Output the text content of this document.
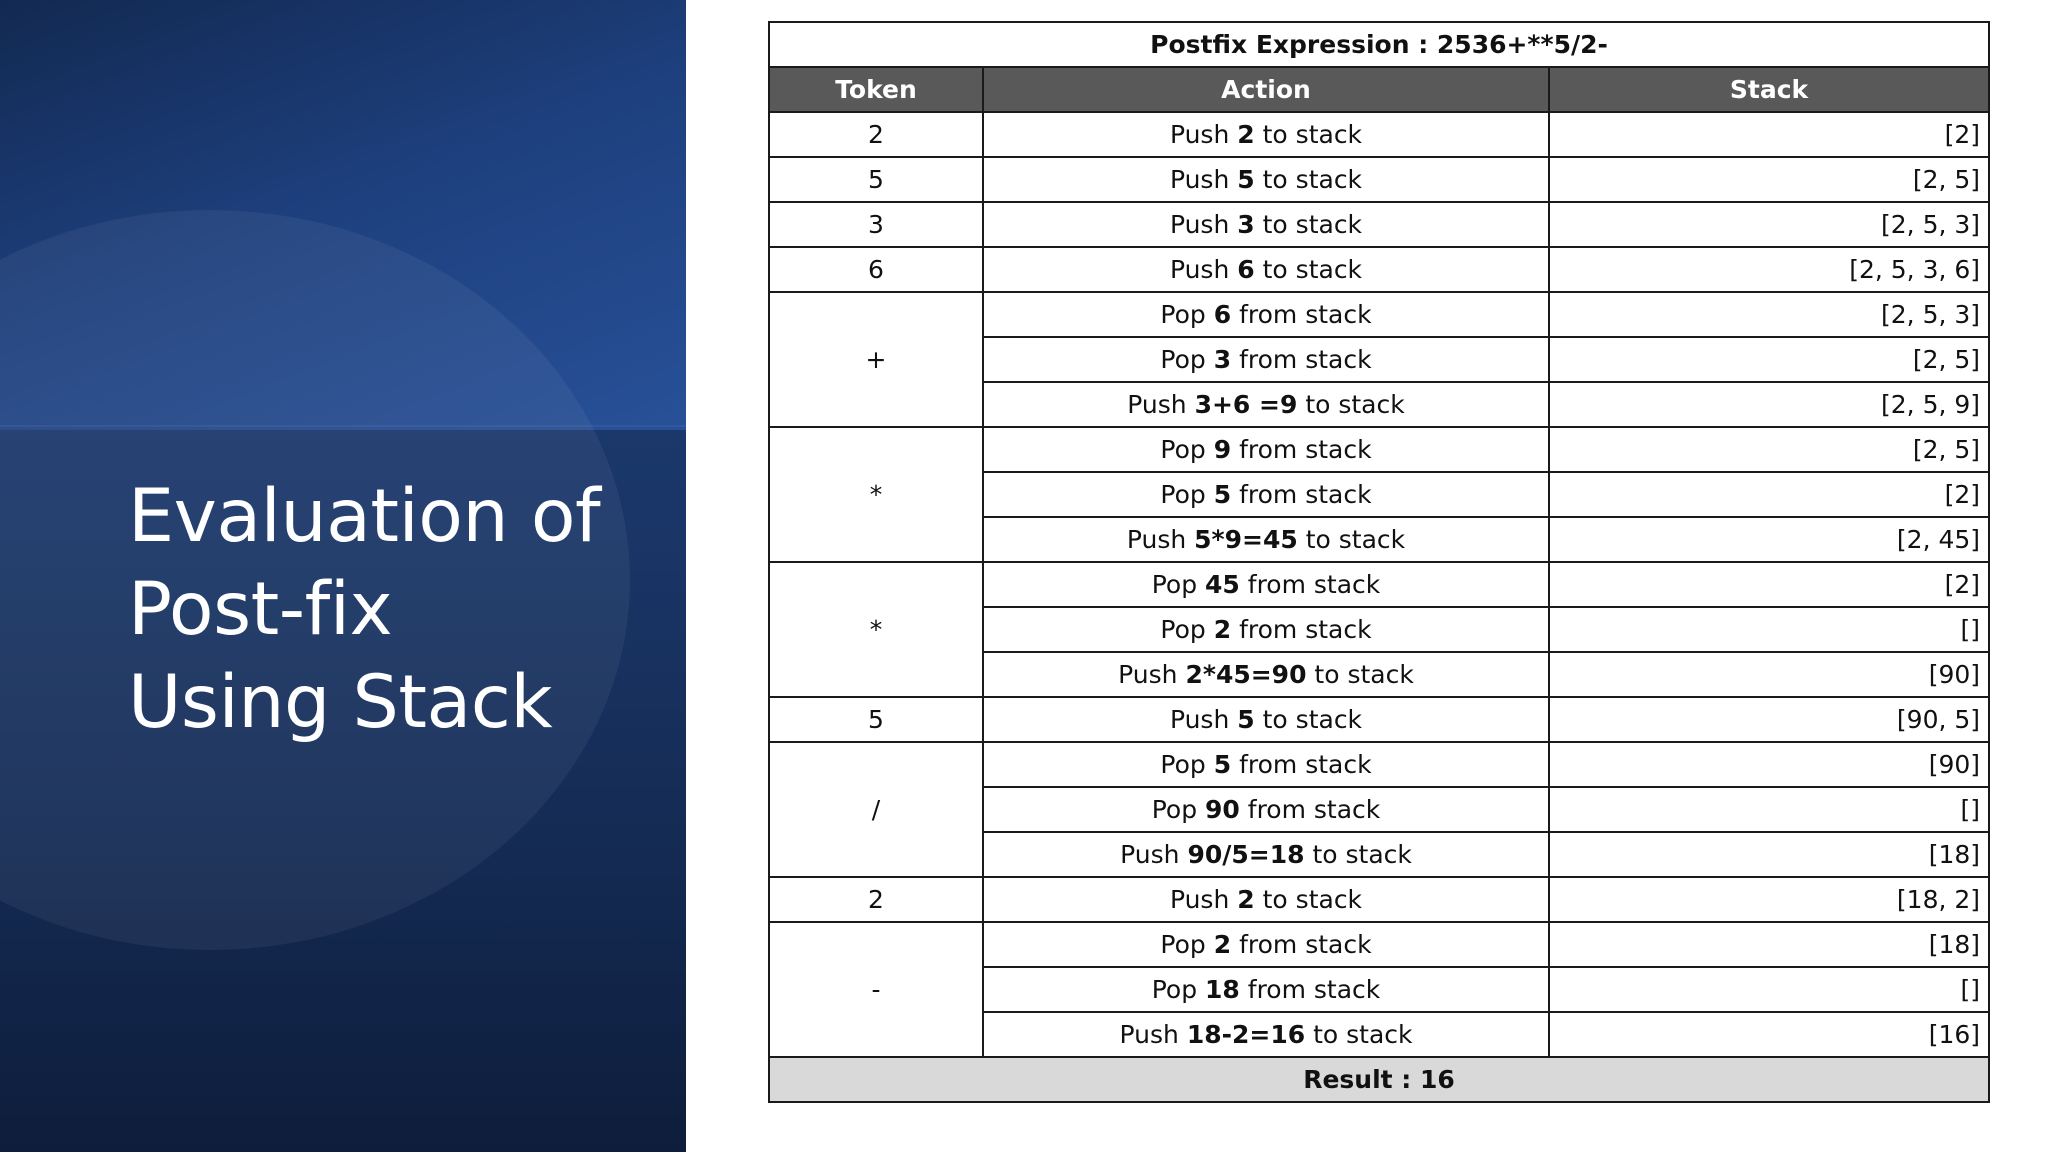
Evaluation of
Post-fix
Using Stack
Postfix Expression : 2536+**5/2-		
Token	Action	Stack
2	Push 2 to stack	[2]
5	Push 5 to stack	[2, 5]
3	Push 3 to stack	[2, 5, 3]
6	Push 6 to stack	[2, 5, 3, 6]
+	Pop 6 from stack	[2, 5, 3]
	Pop 3 from stack	[2, 5]
	Push 3+6 =9 to stack	[2, 5, 9]
*	Pop 9 from stack	[2, 5]
	Pop 5 from stack	[2]
	Push 5*9=45 to stack	[2, 45]
*	Pop 45 from stack	[2]
	Pop 2 from stack	[]
	Push 2*45=90 to stack	[90]
5	Push 5 to stack	[90, 5]
/	Pop 5 from stack	[90]
	Pop 90 from stack	[]
	Push 90/5=18 to stack	[18]
2	Push 2 to stack	[18, 2]
-	Pop 2 from stack	[18]
	Pop 18 from stack	[]
	Push 18-2=16 to stack	[16]
Result : 16		
